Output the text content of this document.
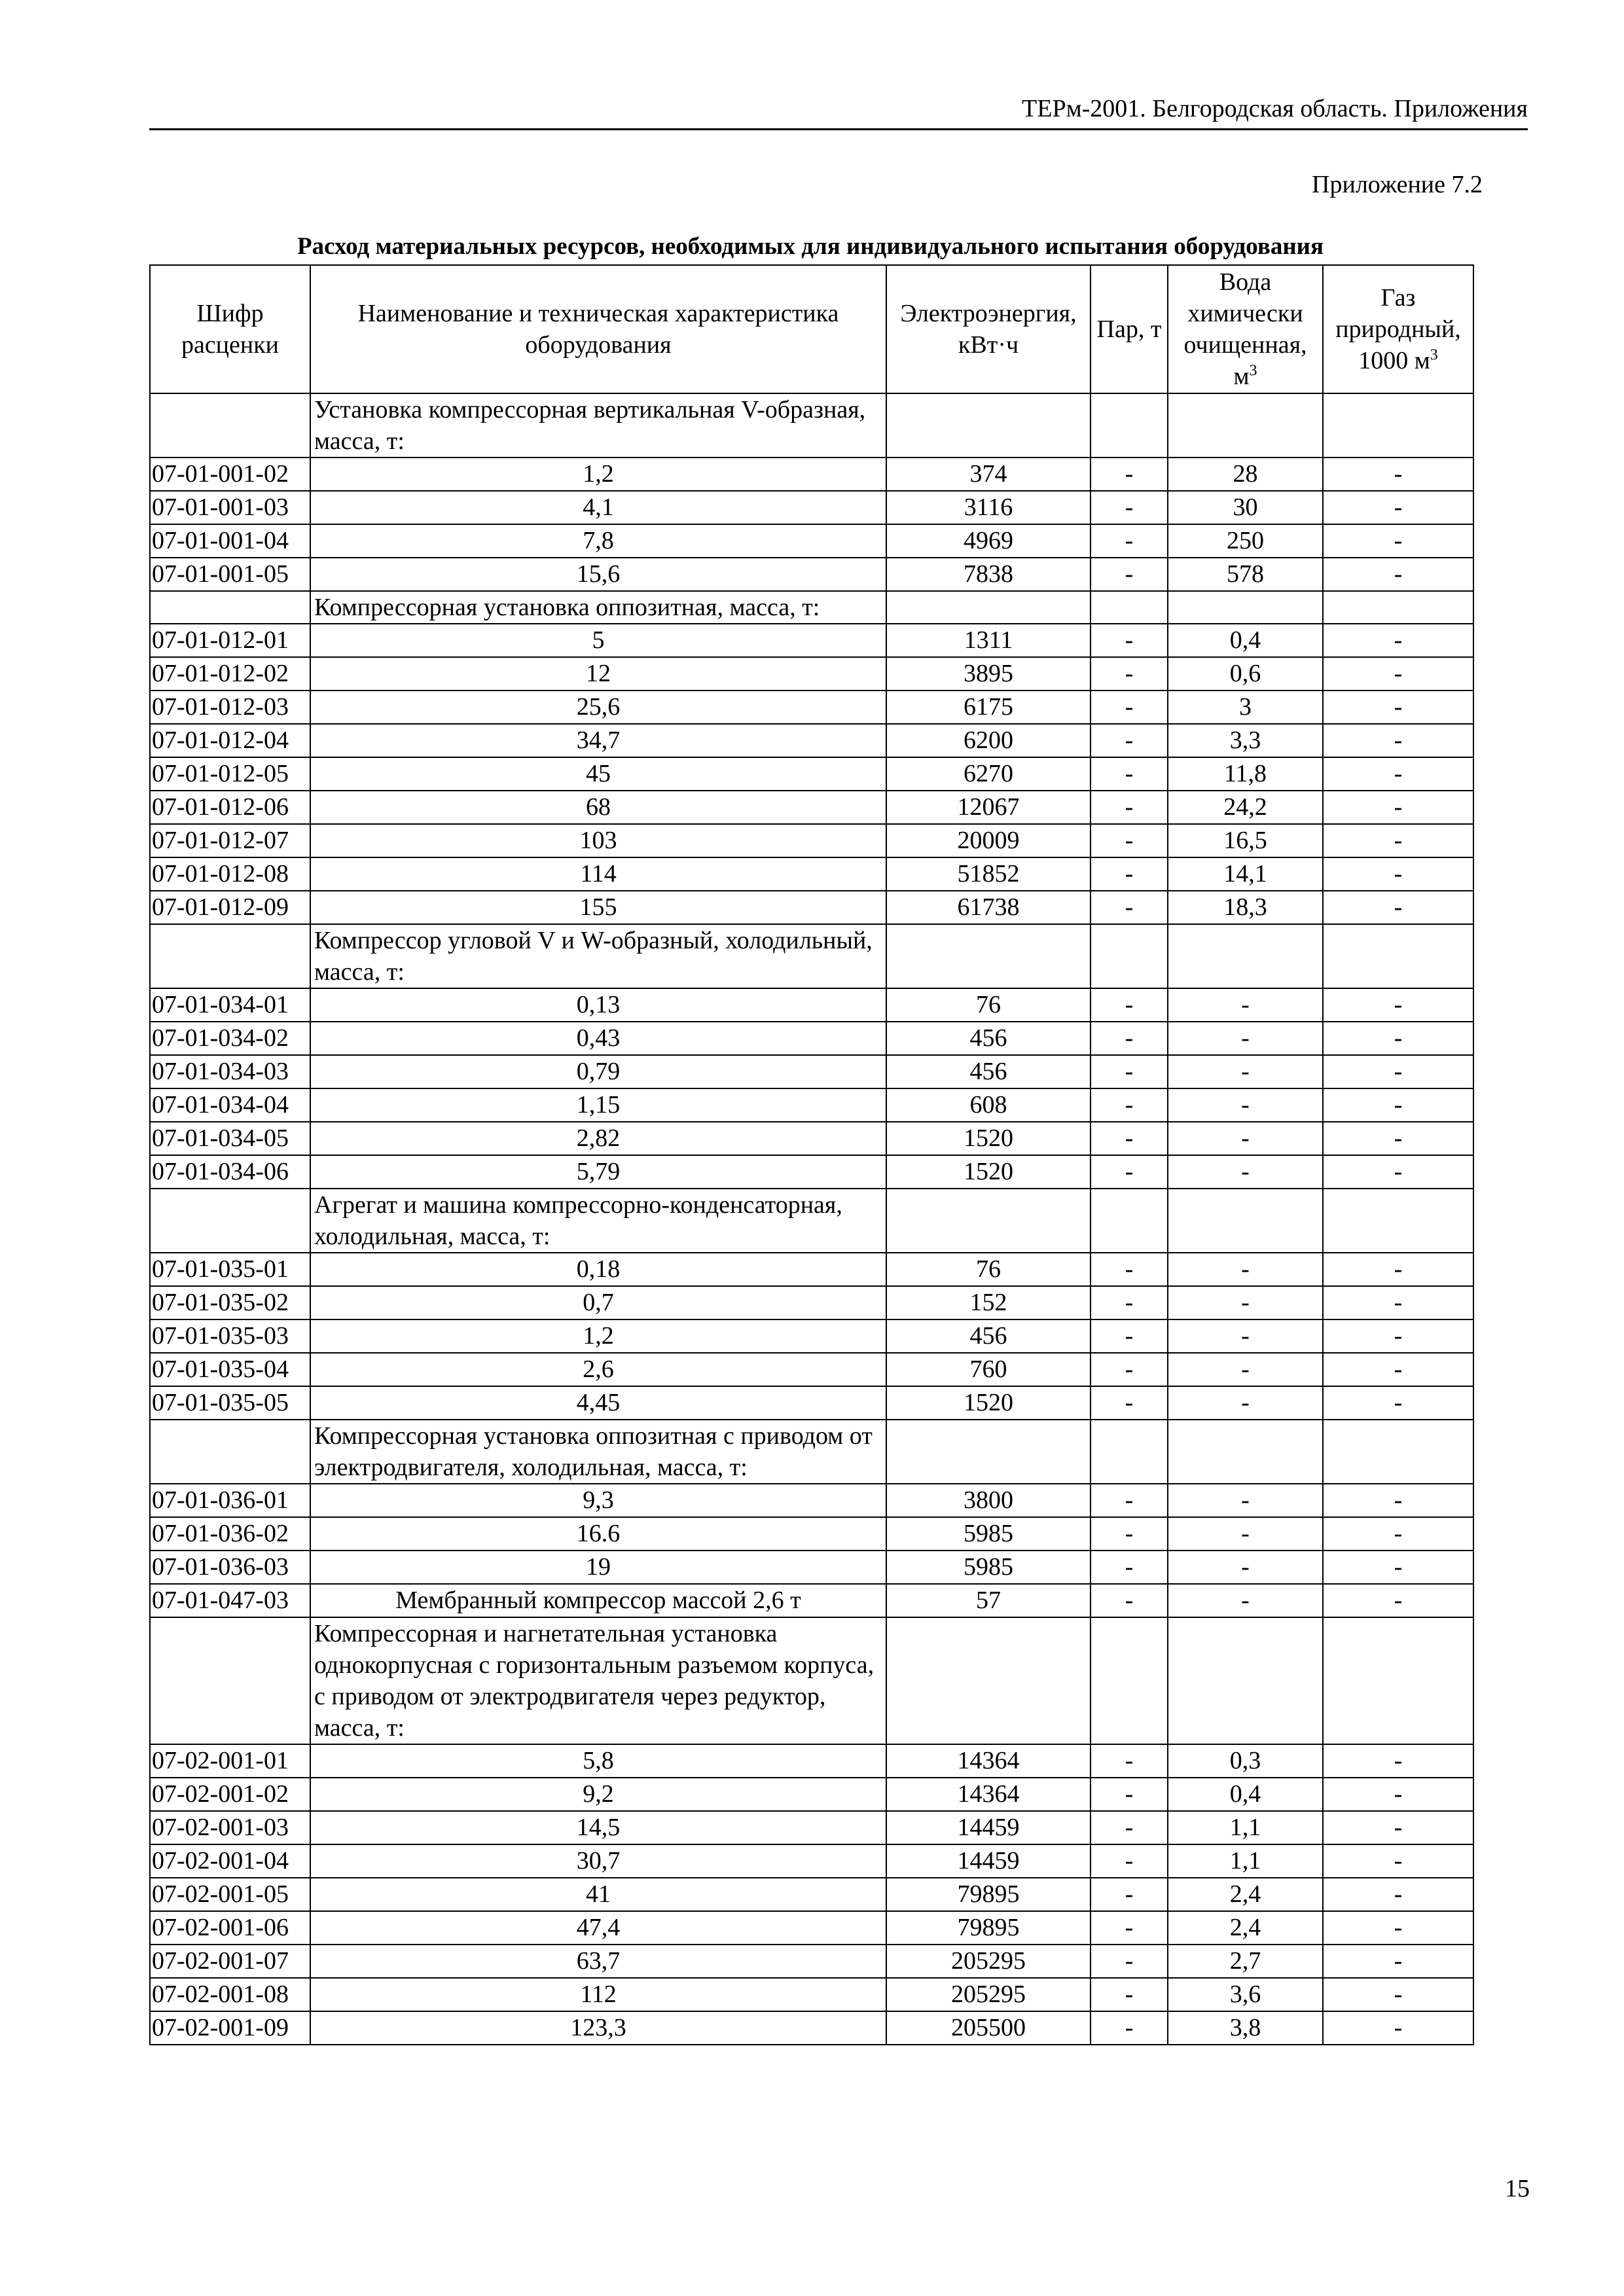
ТЕРм-2001. Белгородская область. Приложения
Приложение 7.2
Расход материальных ресурсов, необходимых для индивидуального испытания оборудования
Шифр расценки	Наименование и техническая характеристика оборудования	Электроэнергия, кВт·ч	Пар, т	Вода химически очищенная, $м^3$	Газ природный, 1000 $м^3$
	Установка компрессорная вертикальная V-образная, масса, т:				
07-01-001-02	1,2	374	-	28	-
07-01-001-03	4,1	3116	-	30	-
07-01-001-04	7,8	4969	-	250	-
07-01-001-05	15,6	7838	-	578	-
	Компрессорная установка оппозитная, масса, т:				
07-01-012-01	5	1311	-	0,4	-
07-01-012-02	12	3895	-	0,6	-
07-01-012-03	25,6	6175	-	3	-
07-01-012-04	34,7	6200	-	3,3	-
07-01-012-05	45	6270	-	11,8	-
07-01-012-06	68	12067	-	24,2	-
07-01-012-07	103	20009	-	16,5	-
07-01-012-08	114	51852	-	14,1	-
07-01-012-09	155	61738	-	18,3	-
	Компрессор угловой V и W-образный, холодильный, масса, т:				
07-01-034-01	0,13	76	-	-	-
07-01-034-02	0,43	456	-	-	-
07-01-034-03	0,79	456	-	-	-
07-01-034-04	1,15	608	-	-	-
07-01-034-05	2,82	1520	-	-	-
07-01-034-06	5,79	1520	-	-	-
	Агрегат и машина компрессорно-конденсаторная, холодильная, масса, т:				
07-01-035-01	0,18	76	-	-	-
07-01-035-02	0,7	152	-	-	-
07-01-035-03	1,2	456	-	-	-
07-01-035-04	2,6	760	-	-	-
07-01-035-05	4,45	1520	-	-	-
	Компрессорная установка оппозитная с приводом от электродвигателя, холодильная, масса, т:				
07-01-036-01	9,3	3800	-	-	-
07-01-036-02	16.6	5985	-	-	-
07-01-036-03	19	5985	-	-	-
07-01-047-03	Мембранный компрессор массой 2,6 т	57	-	-	-
	Компрессорная и нагнетательная установка однокорпусная с горизонтальным разъемом корпуса, с приводом от электродвигателя через редуктор, масса, т:				
07-02-001-01	5,8	14364	-	0,3	-
07-02-001-02	9,2	14364	-	0,4	-
07-02-001-03	14,5	14459	-	1,1	-
07-02-001-04	30,7	14459	-	1,1	-
07-02-001-05	41	79895	-	2,4	-
07-02-001-06	47,4	79895	-	2,4	-
07-02-001-07	63,7	205295	-	2,7	-
07-02-001-08	112	205295	-	3,6	-
07-02-001-09	123,3	205500	-	3,8	-
15
